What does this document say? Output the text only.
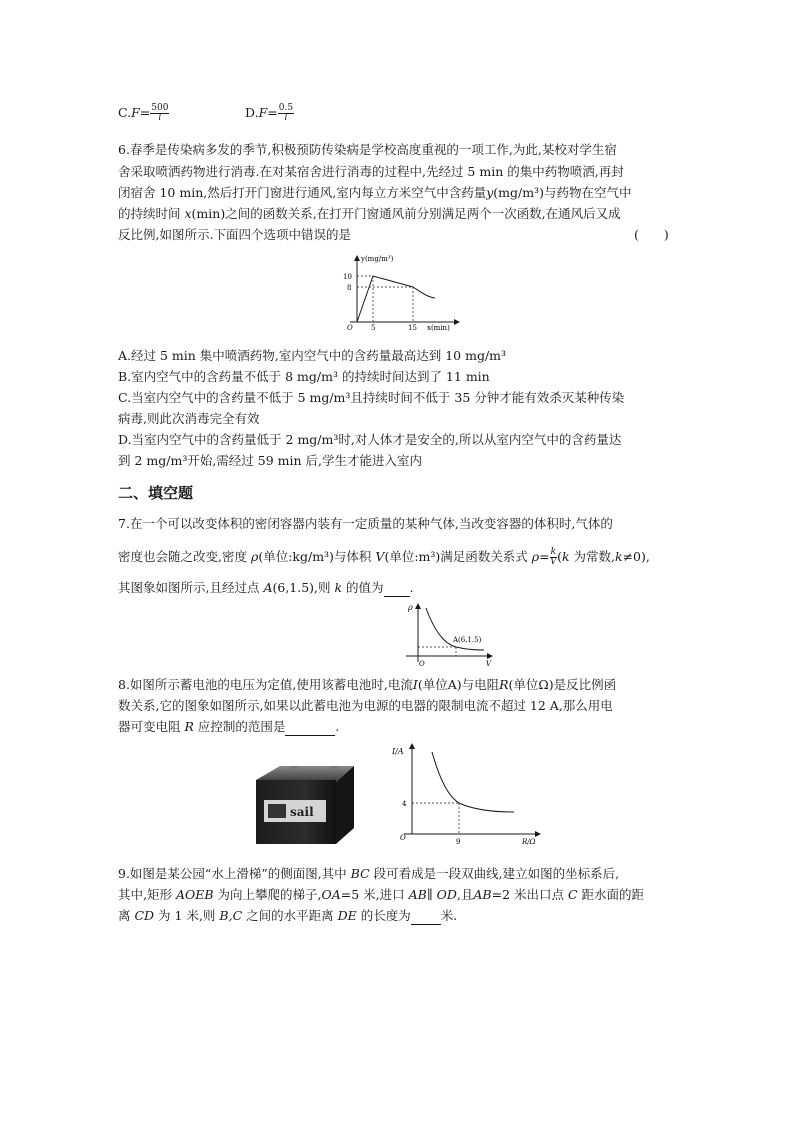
$C.F= \frac{500}{l}$	$D.F= \frac{0.5}{l}$
6.春季是传染病多发的季节,积极预防传染病是学校高度重视的一项工作,为此,某校对学生宿
舍采取喷洒药物进行消毒.在对某宿舍进行消毒的过程中,先经过 5 min 的集中药物喷洒,再封
闭宿舍 10 min,然后打开门窗进行通风,室内每立方米空气中含药量y(mg/m³)与药物在空气中
的持续时间 x(min)之间的函数关系,在打开门窗通风前分别满足两个一次函数,在通风后又成
反比例,如图所示.下面四个选项中错误的是	(　　)
y(mg/m³)
x(min)
O
10
8
5	15
A.经过 5 min 集中喷洒药物,室内空气中的含药量最高达到 10 mg/m³
B.室内空气中的含药量不低于 8 mg/m³ 的持续时间达到了 11 min
C.当室内空气中的含药量不低于 5 mg/m³且持续时间不低于 35 分钟才能有效杀灭某种传染
病毒,则此次消毒完全有效
D.当室内空气中的含药量低于 2 mg/m³时,对人体才是安全的,所以从室内空气中的含药量达
到 2 mg/m³开始,需经过 59 min 后,学生才能进入室内
二、填空题
7.在一个可以改变体积的密闭容器内装有一定质量的某种气体,当改变容器的体积时,气体的
密度也会随之改变,密度 ρ(单位:kg/m³)与体积 V(单位:m³)满足函数关系式 $\rho= \frac{k}{V} (k$ 为常数,k≠0),
其图象如图所示,且经过点 A(6,1.5),则 k 的值为 .
ρ
V
O
A(6,1.5)
8.如图所示蓄电池的电压为定值,使用该蓄电池时,电流I(单位A)与电阻R(单位Ω)是反比例函
数关系,它的图象如图所示,如果以此蓄电池为电源的电器的限制电流不超过 12 A,那么用电
器可变电阻 R 应控制的范围是	.
sail
I/A
R/Ω
O
4
9
9.如图是某公园“水上滑梯”的侧面图,其中 BC 段可看成是一段双曲线,建立如图的坐标系后,
其中,矩形 AOEB 为向上攀爬的梯子,OA=5 米,进口 AB∥ OD,且AB=2 米出口点 C 距水面的距
离 CD 为 1 米,则 B,C 之间的水平距离 DE 的长度为 米.
